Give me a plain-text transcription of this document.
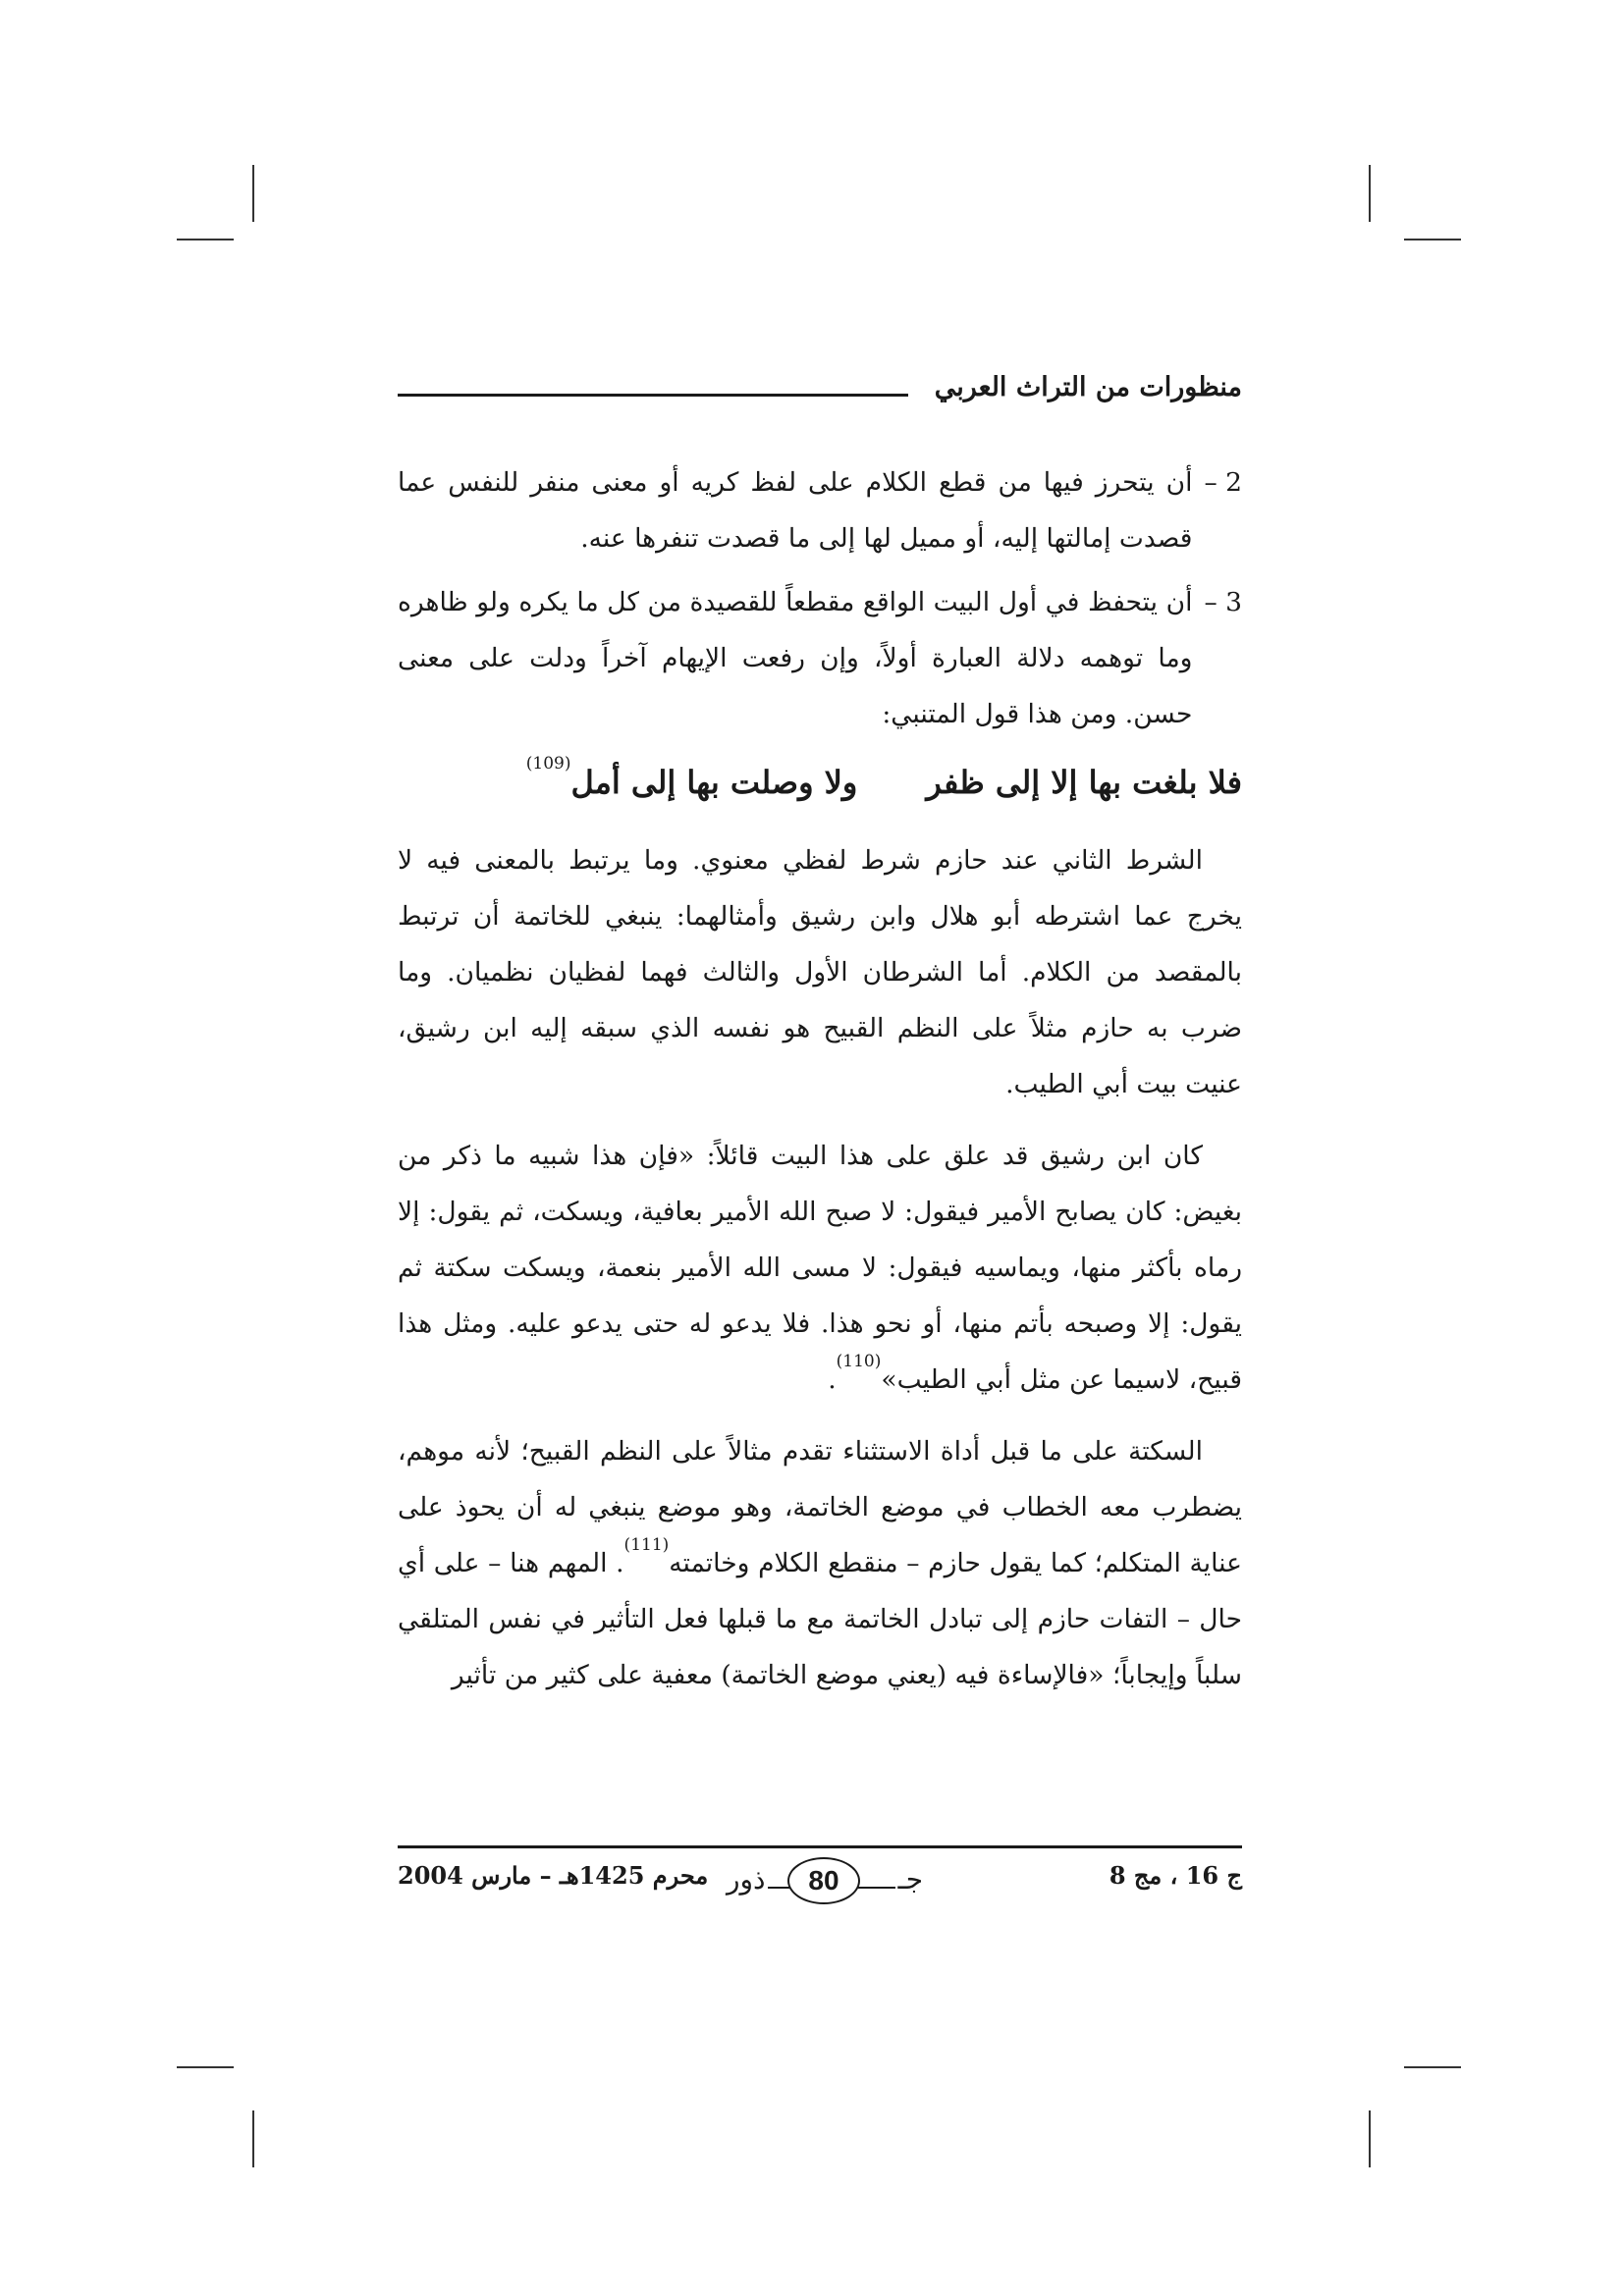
منظورات من التراث العربي
2 –
أن يتحرز فيها من قطع الكلام على لفظ كريه أو معنى منفر للنفس عما قصدت إمالتها إليه، أو مميل لها إلى ما قصدت تنفرها عنه.
3 –
أن يتحفظ في أول البيت الواقع مقطعاً للقصيدة من كل ما يكره ولو ظاهره وما توهمه دلالة العبارة أولاً، وإن رفعت الإيهام آخراً ودلت على معنى حسن. ومن هذا قول المتنبي:
فلا بلغت بها إلا إلى ظفر
ولا وصلت بها إلى أمل$^{(109)}$

الشرط الثاني عند حازم شرط لفظي معنوي. وما يرتبط بالمعنى فيه لا يخرج عما اشترطه أبو هلال وابن رشيق وأمثالهما: ينبغي للخاتمة أن ترتبط بالمقصد من الكلام. أما الشرطان الأول والثالث فهما لفظيان نظميان. وما ضرب به حازم مثلاً على النظم القبيح هو نفسه الذي سبقه إليه ابن رشيق، عنيت بيت أبي الطيب.

كان ابن رشيق قد علق على هذا البيت قائلاً: «فإن هذا شبيه ما ذكر من بغيض: كان يصابح الأمير فيقول: لا صبح الله الأمير بعافية، ويسكت، ثم يقول: إلا رماه بأكثر منها، ويماسيه فيقول: لا مسى الله الأمير بنعمة، ويسكت سكتة ثم يقول: إلا وصبحه بأتم منها، أو نحو هذا. فلا يدعو له حتى يدعو عليه. ومثل هذا قبيح، لاسيما عن مثل أبي الطيب»$^{(110)}$.

السكتة على ما قبل أداة الاستثناء تقدم مثالاً على النظم القبيح؛ لأنه موهم، يضطرب معه الخطاب في موضع الخاتمة، وهو موضع ينبغي له أن يحوذ على عناية المتكلم؛ كما يقول حازم – منقطع الكلام وخاتمته$^{(111)}$. المهم هنا – على أي حال – التفات حازم إلى تبادل الخاتمة مع ما قبلها فعل التأثير في نفس المتلقي سلباً وإيجاباً؛ «فالإساءة فيه (يعني موضع الخاتمة) معفية على كثير من تأثير

ج 16 ، مج 8
جـ
80
ذور
محرم 1425هـ – مارس 2004
